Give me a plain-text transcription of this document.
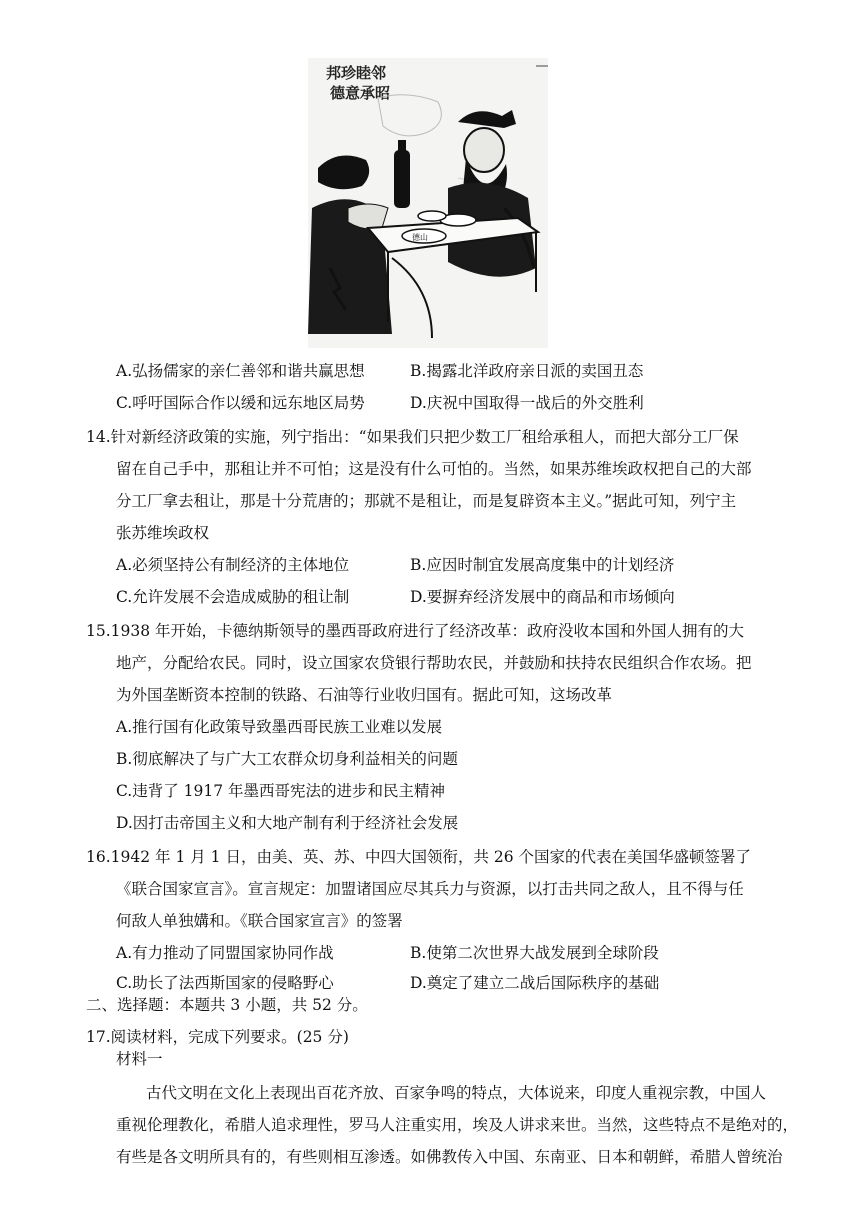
邦珍睦邻
德意承昭
德山
A.弘扬儒家的亲仁善邻和谐共赢思想	B.揭露北洋政府亲日派的卖国丑态
C.呼吁国际合作以缓和远东地区局势	D.庆祝中国取得一战后的外交胜利
14.针对新经济政策的实施，列宁指出：“如果我们只把少数工厂租给承租人，而把大部分工厂保
留在自己手中，那租让并不可怕；这是没有什么可怕的。当然，如果苏维埃政权把自己的大部
分工厂拿去租让，那是十分荒唐的；那就不是租让，而是复辟资本主义。”据此可知，列宁主
张苏维埃政权
A.必须坚持公有制经济的主体地位	B.应因时制宜发展高度集中的计划经济
C.允许发展不会造成威胁的租让制	D.要摒弃经济发展中的商品和市场倾向
15.1938 年开始，卡德纳斯领导的墨西哥政府进行了经济改革：政府没收本国和外国人拥有的大
地产，分配给农民。同时，设立国家农贷银行帮助农民，并鼓励和扶持农民组织合作农场。把
为外国垄断资本控制的铁路、石油等行业收归国有。据此可知，这场改革
A.推行国有化政策导致墨西哥民族工业难以发展
B.彻底解决了与广大工农群众切身利益相关的问题
C.违背了 1917 年墨西哥宪法的进步和民主精神
D.因打击帝国主义和大地产制有利于经济社会发展
16.1942 年 1 月 1 日，由美、英、苏、中四大国领衔，共 26 个国家的代表在美国华盛顿签署了
《联合国家宣言》。宣言规定：加盟诸国应尽其兵力与资源，以打击共同之敌人，且不得与任
何敌人单独媾和。《联合国家宣言》的签署
A.有力推动了同盟国家协同作战	B.使第二次世界大战发展到全球阶段
C.助长了法西斯国家的侵略野心	D.奠定了建立二战后国际秩序的基础
二、选择题：本题共 3 小题，共 52 分。
17.阅读材料，完成下列要求。(25 分)
材料一
古代文明在文化上表现出百花齐放、百家争鸣的特点，大体说来，印度人重视宗教，中国人
重视伦理教化，希腊人追求理性，罗马人注重实用，埃及人讲求来世。当然，这些特点不是绝对的，
有些是各文明所具有的，有些则相互渗透。如佛教传入中国、东南亚、日本和朝鲜，希腊人曾统治
